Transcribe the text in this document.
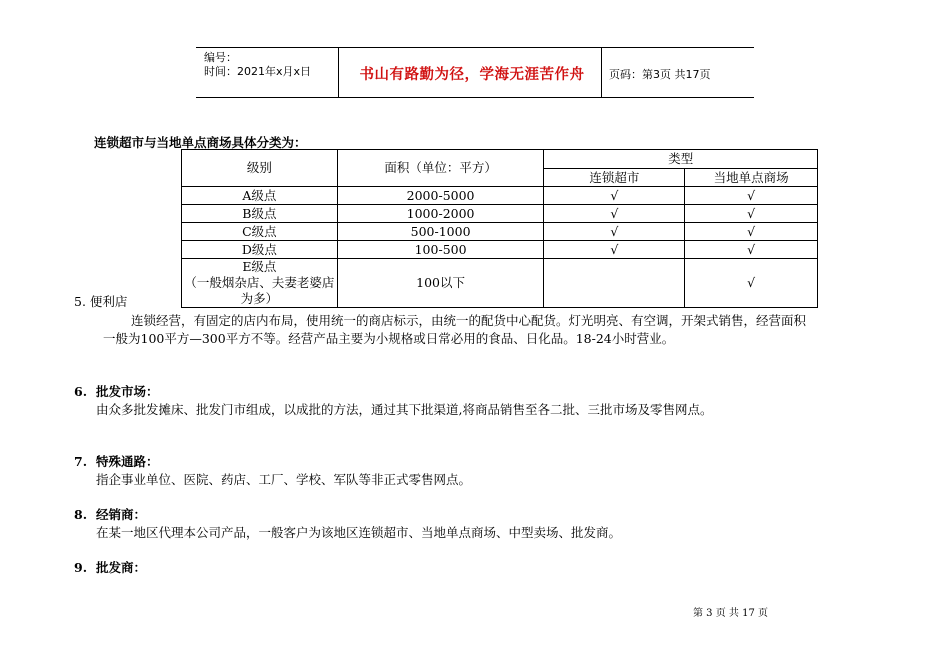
编号：
时间：2021年x月x日	书山有路勤为径，学海无涯苦作舟	页码：第3页 共17页
连锁超市与当地单点商场具体分类为：
级别	面积（单位：平方）	类型	
		连锁超市	当地单点商场
A级点	2000-5000	√	√
B级点	1000-2000	√	√
C级点	500-1000	√	√
D级点	100-500	√	√

E级点
（一般烟杂店、夫妻老婆店为多）	100以下		√
5. 便利店
连锁经营，有固定的店内布局，使用统一的商店标示，由统一的配货中心配货。灯光明亮、有空调，开架式销售，经营面积
一般为100平方—300平方不等。经营产品主要为小规格或日常必用的食品、日化品。18-24小时营业。
6. 批发市场：
由众多批发摊床、批发门市组成，以成批的方法，通过其下批渠道,将商品销售至各二批、三批市场及零售网点。
7. 特殊通路：
指企事业单位、医院、药店、工厂、学校、军队等非正式零售网点。
8. 经销商：
在某一地区代理本公司产品，一般客户为该地区连锁超市、当地单点商场、中型卖场、批发商。
9. 批发商：
第 3 页 共 17 页
